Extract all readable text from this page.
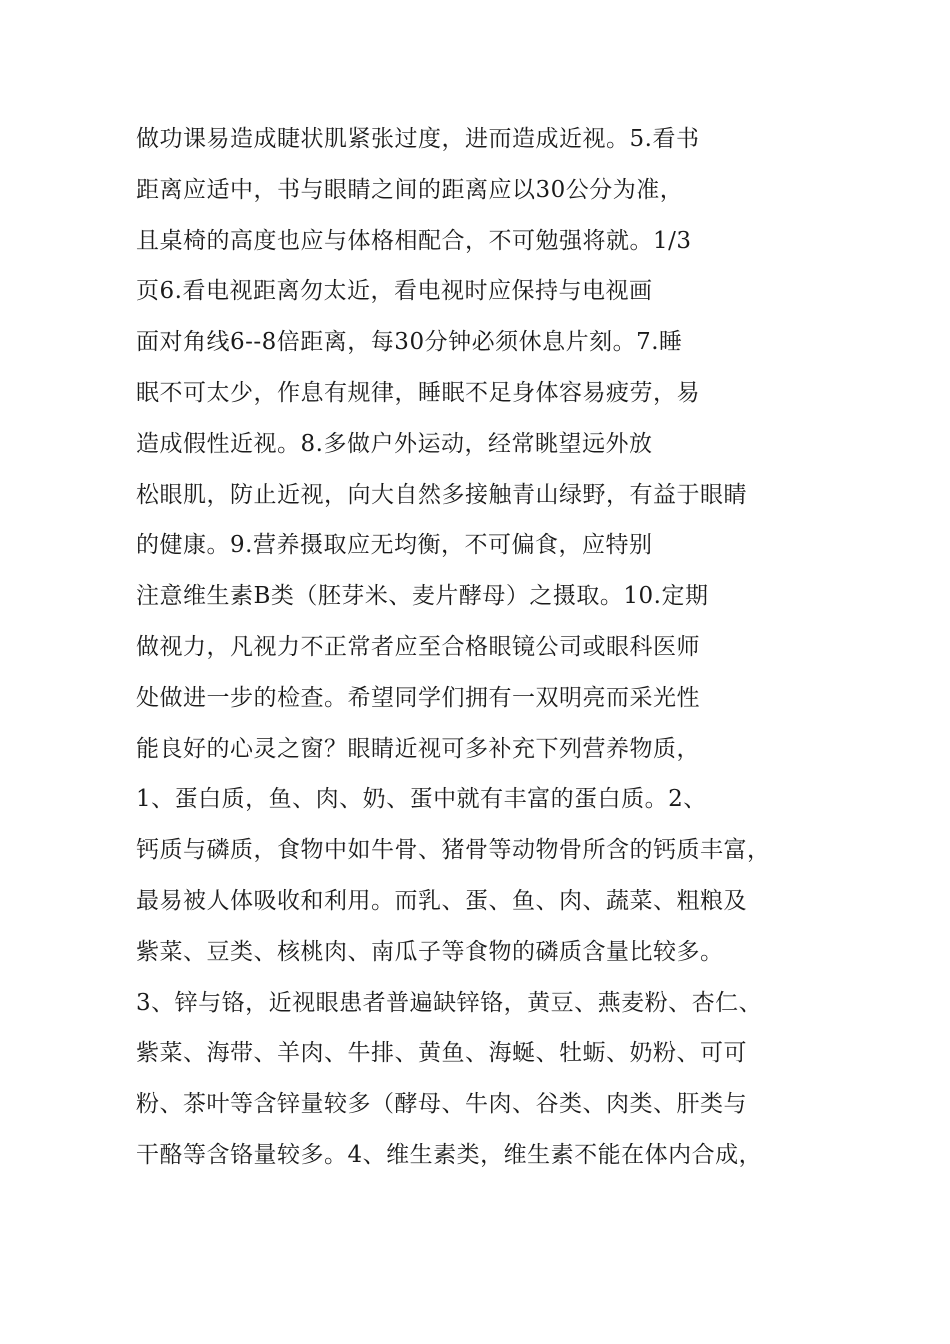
做功课易造成睫状肌紧张过度，进而造成近视。5.看书
距离应适中，书与眼睛之间的距离应以30公分为准，
且桌椅的高度也应与体格相配合，不可勉强将就。1/3
页6.看电视距离勿太近，看电视时应保持与电视画
面对角线6--8倍距离，每30分钟必须休息片刻。7.睡
眠不可太少，作息有规律，睡眠不足身体容易疲劳，易
造成假性近视。8.多做户外运动，经常眺望远外放
松眼肌，防止近视，向大自然多接触青山绿野，有益于眼睛
的健康。9.营养摄取应无均衡，不可偏食，应特别
注意维生素B类（胚芽米、麦片酵母）之摄取。10.定期
做视力，凡视力不正常者应至合格眼镜公司或眼科医师
处做进一步的检查。希望同学们拥有一双明亮而采光性
能良好的心灵之窗？眼睛近视可多补充下列营养物质，
1、蛋白质，鱼、肉、奶、蛋中就有丰富的蛋白质。2、
钙质与磷质，食物中如牛骨、猪骨等动物骨所含的钙质丰富，
最易被人体吸收和利用。而乳、蛋、鱼、肉、蔬菜、粗粮及
紫菜、豆类、核桃肉、南瓜子等食物的磷质含量比较多。
3、锌与铬，近视眼患者普遍缺锌铬，黄豆、燕麦粉、杏仁、
紫菜、海带、羊肉、牛排、黄鱼、海蜒、牡蛎、奶粉、可可
粉、茶叶等含锌量较多（酵母、牛肉、谷类、肉类、肝类与
干酪等含铬量较多。4、维生素类，维生素不能在体内合成，
